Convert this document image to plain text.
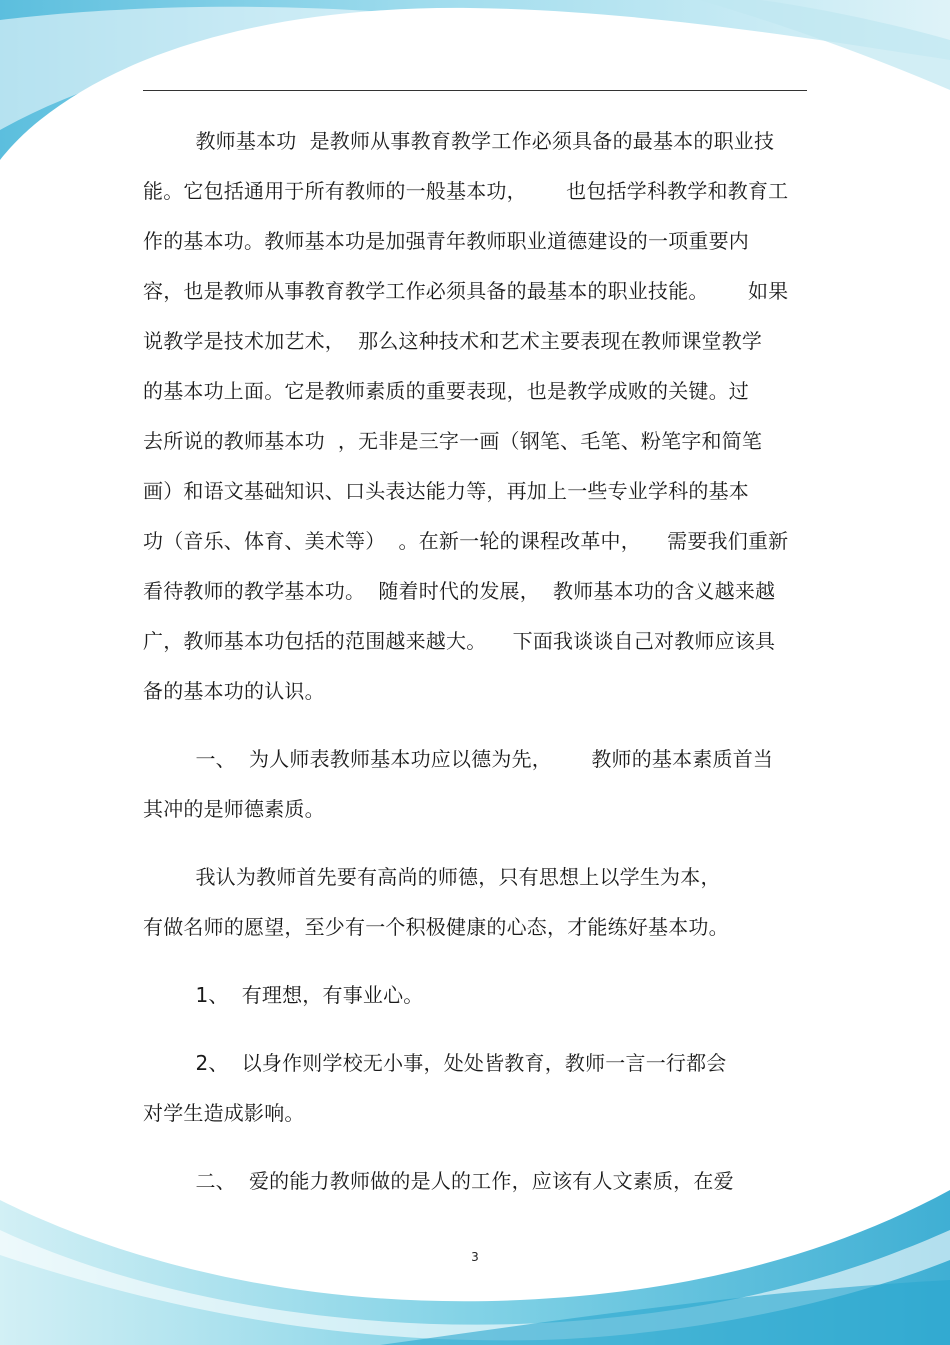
教师基本功  是教师从事教育教学工作必须具备的最基本的职业技
能。它包括通用于所有教师的一般基本功，      也包括学科教学和教育工
作的基本功。教师基本功是加强青年教师职业道德建设的一项重要内
容，也是教师从事教育教学工作必须具备的最基本的职业技能。      如果
说教学是技术加艺术，  那么这种技术和艺术主要表现在教师课堂教学
的基本功上面。它是教师素质的重要表现，也是教学成败的关键。过
去所说的教师基本功  ，无非是三字一画（钢笔、毛笔、粉笔字和简笔
画）和语文基础知识、口头表达能力等，再加上一些专业学科的基本
功（音乐、体育、美术等）  。在新一轮的课程改革中，    需要我们重新
看待教师的教学基本功。  随着时代的发展，  教师基本功的含义越来越
广，教师基本功包括的范围越来越大。    下面我谈谈自己对教师应该具
备的基本功的认识。
一、  为人师表教师基本功应以德为先，      教师的基本素质首当
其冲的是师德素质。
我认为教师首先要有高尚的师德，只有思想上以学生为本，
有做名师的愿望，至少有一个积极健康的心态，才能练好基本功。
1、  有理想，有事业心。
2、  以身作则学校无小事，处处皆教育，教师一言一行都会
对学生造成影响。
二、  爱的能力教师做的是人的工作，应该有人文素质，在爱
3
